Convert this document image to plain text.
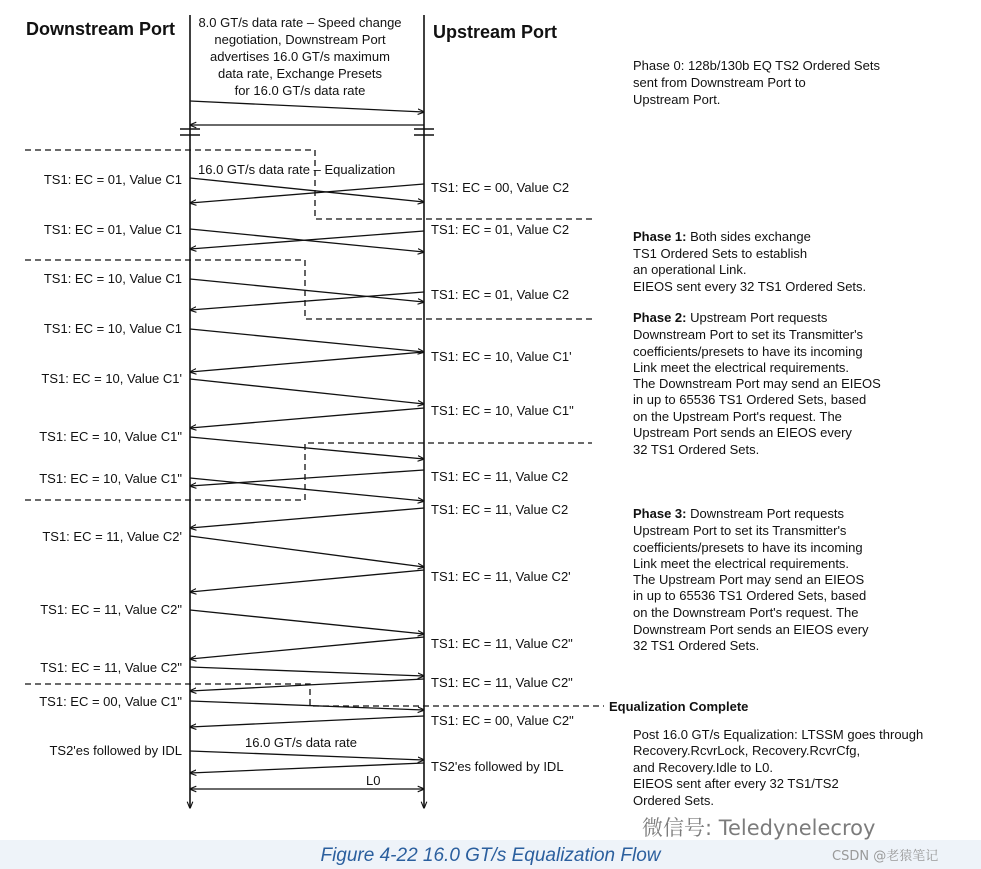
Downstream Port	Upstream Port
8.0 GT/s data rate – Speed change
negotiation, Downstream Port
advertises 16.0 GT/s maximum
data rate, Exchange Presets
for 16.0 GT/s data rate
16.0 GT/s data rate – Equalization
16.0 GT/s data rate
L0
TS1: EC = 01, Value C1
TS1: EC = 01, Value C1
TS1: EC = 10, Value C1
TS1: EC = 10, Value C1
TS1: EC = 10, Value C1'
TS1: EC = 10, Value C1"
TS1: EC = 10, Value C1"
TS1: EC = 11, Value C2'
TS1: EC = 11, Value C2"
TS1: EC = 11, Value C2"
TS1: EC = 00, Value C1"
TS2'es followed by IDL
TS1: EC = 00, Value C2
TS1: EC = 01, Value C2
TS1: EC = 01, Value C2
TS1: EC = 10, Value C1'
TS1: EC = 10, Value C1"
TS1: EC = 11, Value C2
TS1: EC = 11, Value C2
TS1: EC = 11, Value C2'
TS1: EC = 11, Value C2"
TS1: EC = 11, Value C2"
TS1: EC = 00, Value C2"
TS2'es followed by IDL
Phase 0: 128b/130b EQ TS2 Ordered Sets
sent from Downstream Port to
Upstream Port.
Phase 1: Both sides exchange
TS1 Ordered Sets to establish
an operational Link.
EIEOS sent every 32 TS1 Ordered Sets.
Phase 2: Upstream Port requests
Downstream Port to set its Transmitter's
coefficients/presets to have its incoming
Link meet the electrical requirements.
The Downstream Port may send an EIEOS
in up to 65536 TS1 Ordered Sets, based
on the Upstream Port's request. The
Upstream Port sends an EIEOS every
32 TS1 Ordered Sets.
Phase 3: Downstream Port requests
Upstream Port to set its Transmitter's
coefficients/presets to have its incoming
Link meet the electrical requirements.
The Upstream Port may send an EIEOS
in up to 65536 TS1 Ordered Sets, based
on the Downstream Port's request. The
Downstream Port sends an EIEOS every
32 TS1 Ordered Sets.
Equalization Complete
Post 16.0 GT/s Equalization: LTSSM goes through
Recovery.RcvrLock, Recovery.RcvrCfg,
and Recovery.Idle to L0.
EIEOS sent after every 32 TS1/TS2
Ordered Sets.
Figure 4-22 16.0 GT/s Equalization Flow
微信号: Teledynelecroy
CSDN @老猿笔记
